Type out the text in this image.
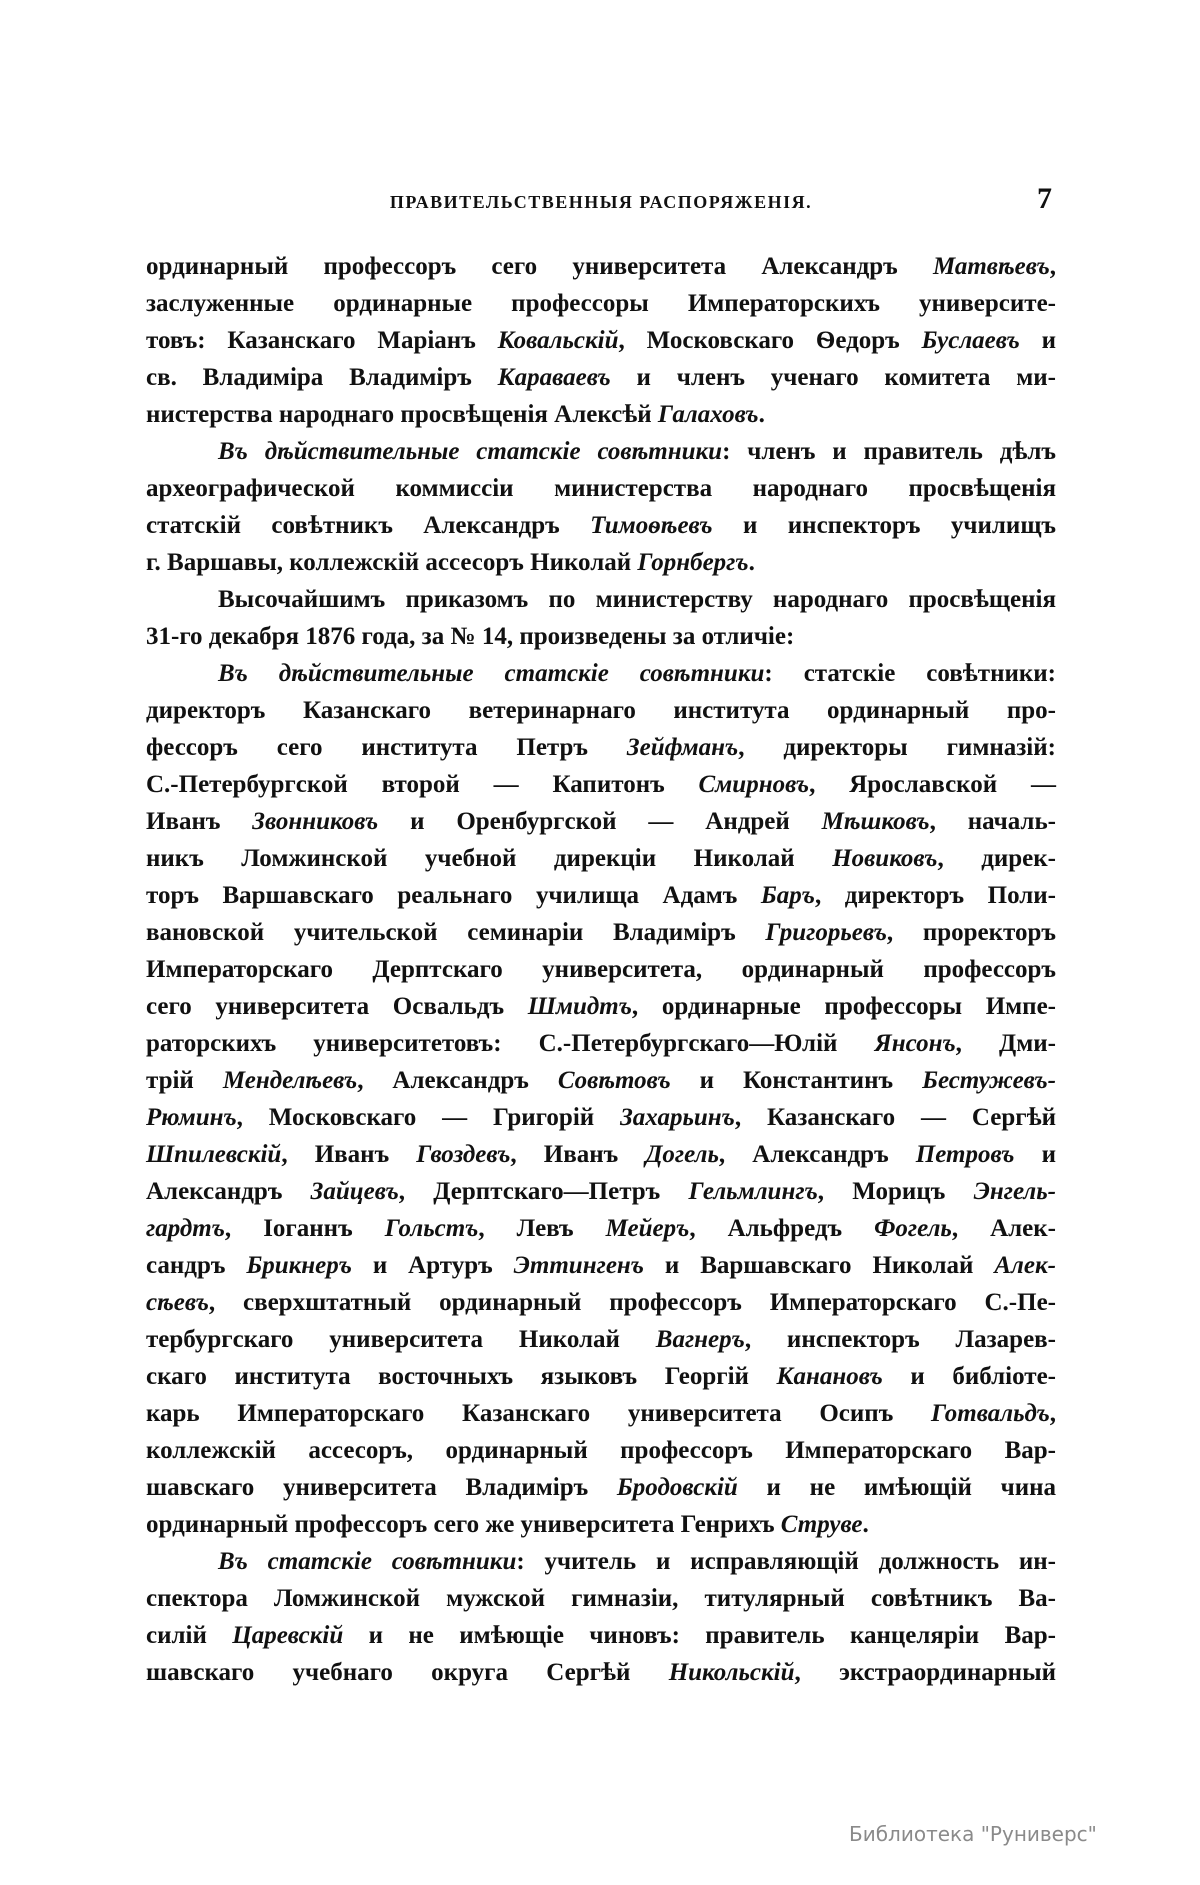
ПРАВИТЕЛЬСТВЕННЫЯ РАСПОРЯЖЕНІЯ.	7
ординарный профессоръ сего университета Александръ Матвѣевъ,
заслуженные ординарные профессоры Императорскихъ университе-
товъ: Казанскаго Маріанъ Ковальскій, Московскаго Ѳедоръ Буслаевъ и
св. Владиміра Владиміръ Караваевъ и членъ ученаго комитета ми-
нистерства народнаго просвѣщенія Алексѣй Галаховъ.
Въ дѣйствительные статскіе совѣтники: членъ и правитель дѣлъ
археографической коммиссіи министерства народнаго просвѣщенія
статскій совѣтникъ Александръ Тимоѳѣевъ и инспекторъ училищъ
г. Варшавы, коллежскій ассесоръ Николай Горнбергъ.
Высочайшимъ приказомъ по министерству народнаго просвѣщенія
31-го декабря 1876 года, за № 14, произведены за отличіе:
Въ дѣйствительные статскіе совѣтники: статскіе совѣтники:
директоръ Казанскаго ветеринарнаго института ординарный про-
фессоръ сего института Петръ Зейфманъ, директоры гимназій:
С.-Петербургской второй — Капитонъ Смирновъ, Ярославской —
Иванъ Звонниковъ и Оренбургской — Андрей Мѣшковъ, началь-
никъ Ломжинской учебной дирекціи Николай Новиковъ, дирек-
торъ Варшавскаго реальнаго училища Адамъ Баръ, директоръ Поли-
вановской учительской семинаріи Владиміръ Григорьевъ, проректоръ
Императорскаго Дерптскаго университета, ординарный профессоръ
сего университета Освальдъ Шмидтъ, ординарные профессоры Импе-
раторскихъ университетовъ: С.-Петербургскаго—Юлій Янсонъ, Дми-
трій Менделѣевъ, Александръ Совѣтовъ и Константинъ Бестужевъ-
Рюминъ, Московскаго — Григорій Захарьинъ, Казанскаго — Сергѣй
Шпилевскій, Иванъ Гвоздевъ, Иванъ Догель, Александръ Петровъ и
Александръ Зайцевъ, Дерптскаго—Петръ Гельмлингъ, Морицъ Энгель-
гардтъ, Іоганнъ Гольстъ, Левъ Мейеръ, Альфредъ Фогель, Алек-
сандръ Брикнеръ и Артуръ Эттингенъ и Варшавскаго Николай Алек-
сѣевъ, сверхштатный ординарный профессоръ Императорскаго С.-Пе-
тербургскаго университета Николай Вагнеръ, инспекторъ Лазарев-
скаго института восточныхъ языковъ Георгій Канановъ и библіоте-
карь Императорскаго Казанскаго университета Осипъ Готвальдъ,
коллежскій ассесоръ, ординарный профессоръ Императорскаго Вар-
шавскаго университета Владиміръ Бродовскій и не имѣющій чина
ординарный профессоръ сего же университета Генрихъ Струве.
Въ статскіе совѣтники: учитель и исправляющій должность ин-
спектора Ломжинской мужской гимназіи, титулярный совѣтникъ Ва-
силій Царевскій и не имѣющіе чиновъ: правитель канцеляріи Вар-
шавскаго учебнаго округа Сергѣй Никольскій, экстраординарный
Библиотека "Руниверс"
